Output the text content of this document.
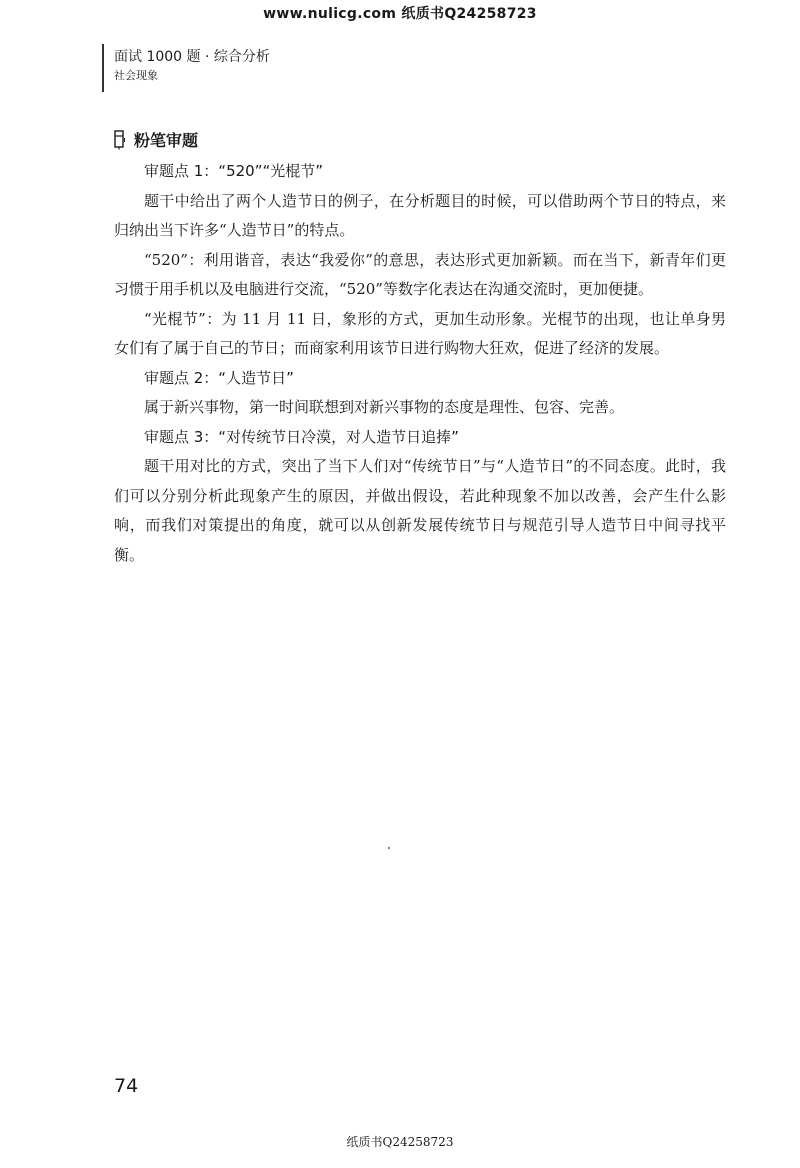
www.nulicg.com 纸质书Q24258723
面试 1000 题 · 综合分析
社会现象
粉笔审题

审题点 1：“520”“光棍节”

题干中给出了两个人造节日的例子，在分析题目的时候，可以借助两个节日的特点，来归纳出当下许多“人造节日”的特点。

“520”：利用谐音，表达“我爱你”的意思，表达形式更加新颖。而在当下，新青年们更习惯于用手机以及电脑进行交流，“520”等数字化表达在沟通交流时，更加便捷。

“光棍节”：为 11 月 11 日，象形的方式，更加生动形象。光棍节的出现，也让单身男女们有了属于自己的节日；而商家利用该节日进行购物大狂欢，促进了经济的发展。

审题点 2：“人造节日”

属于新兴事物，第一时间联想到对新兴事物的态度是理性、包容、完善。

审题点 3：“对传统节日冷漠，对人造节日追捧”

题干用对比的方式，突出了当下人们对“传统节日”与“人造节日”的不同态度。此时，我们可以分别分析此现象产生的原因，并做出假设，若此种现象不加以改善，会产生什么影响，而我们对策提出的角度，就可以从创新发展传统节日与规范引导人造节日中间寻找平衡。

74
纸质书Q24258723
